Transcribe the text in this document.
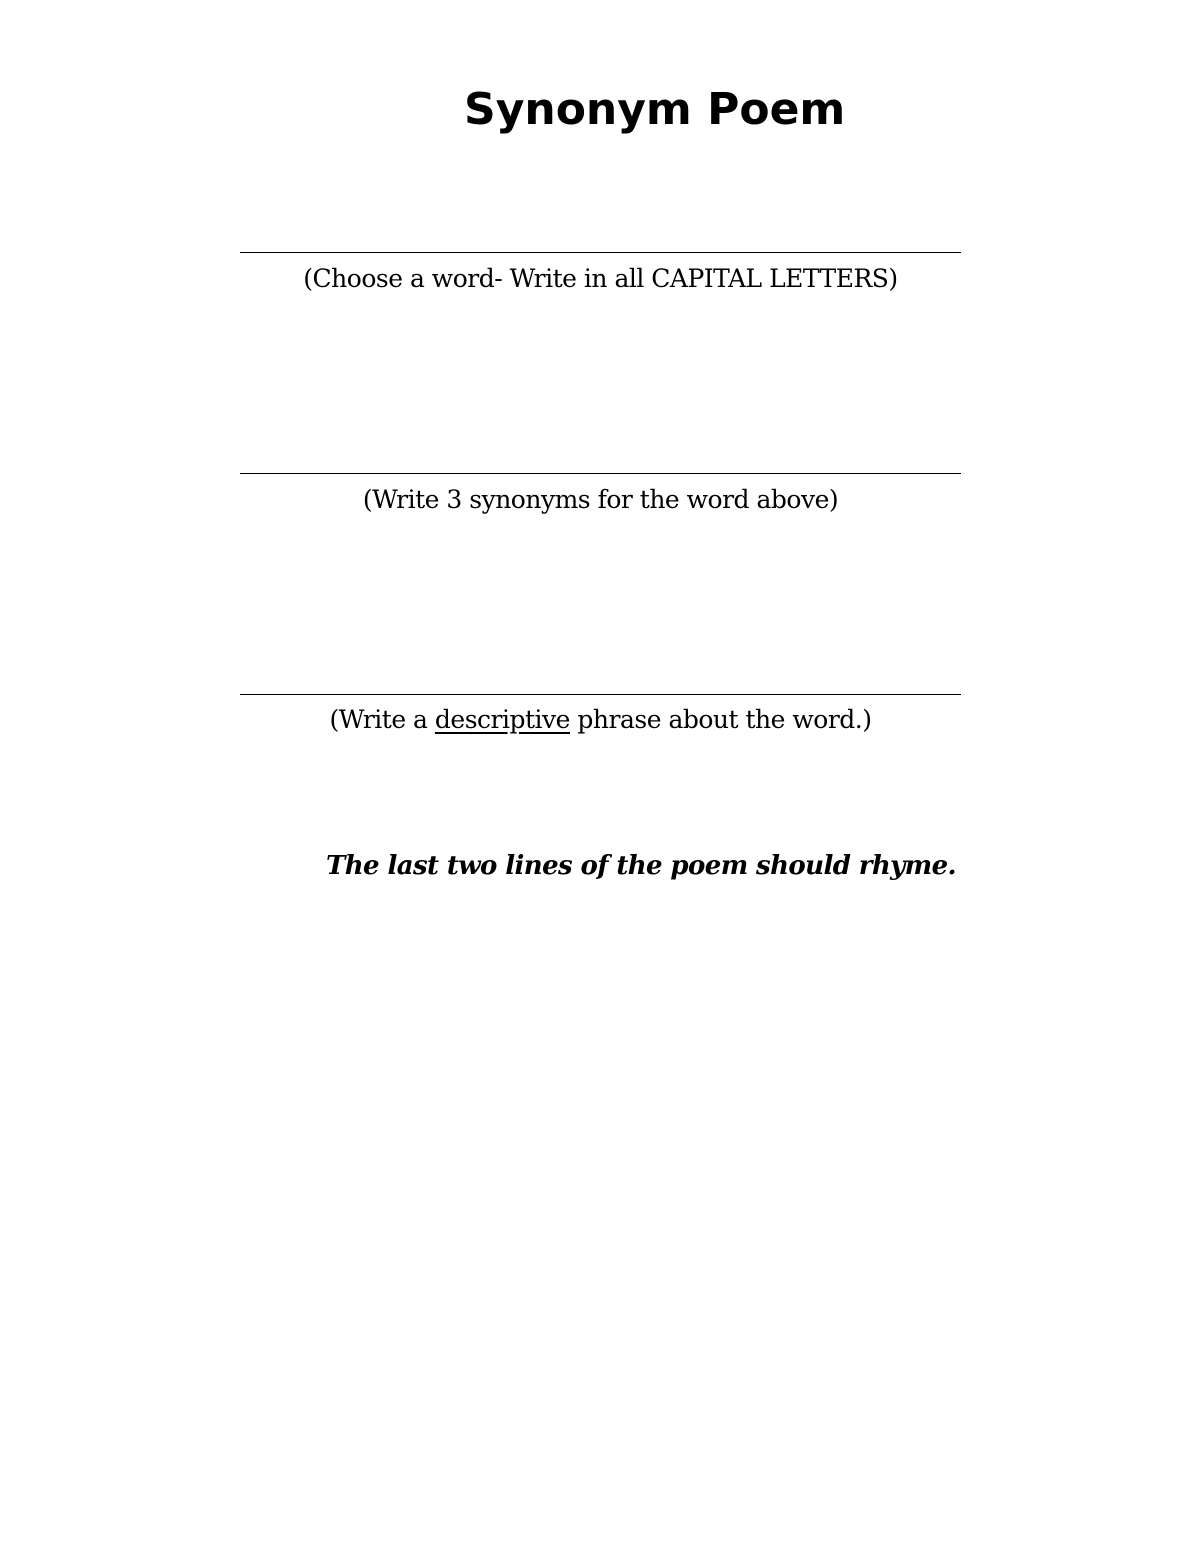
Synonym Poem
(Choose a word- Write in all CAPITAL LETTERS)
(Write 3 synonyms for the word above)
(Write a descriptive phrase about the word.)
The last two lines of the poem should rhyme.
